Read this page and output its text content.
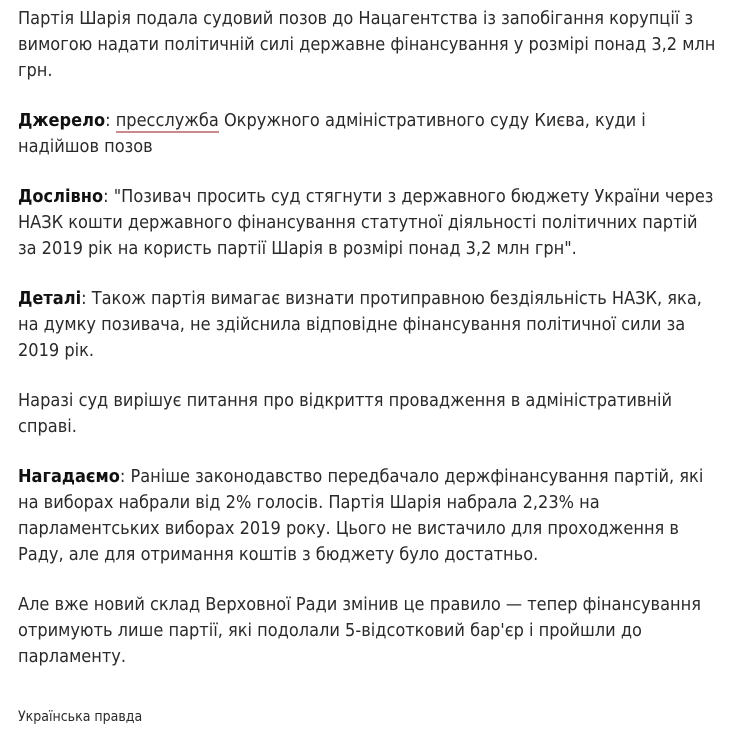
Партія Шарія подала судовий позов до Нацагентства із запобігання корупції з вимогою надати політичній силі державне фінансування у розмірі понад 3,2 млн грн.

Джерело: пресслужба Окружного адміністративного суду Києва, куди і надійшов позов

Дослівно: "Позивач просить суд стягнути з державного бюджету України через НАЗК кошти державного фінансування статутної діяльності політичних партій за 2019 рік на користь партії Шарія в розмірі понад 3,2 млн грн".

Деталі: Також партія вимагає визнати протиправною бездіяльність НАЗК, яка, на думку позивача, не здійснила відповідне фінансування політичної сили за 2019 рік.

Наразі суд вирішує питання про відкриття провадження в адміністративній справі.

Нагадаємо: Раніше законодавство передбачало держфінансування партій, які на виборах набрали від 2% голосів. Партія Шарія набрала 2,23% на парламентських виборах 2019 року. Цього не вистачило для проходження в Раду, але для отримання коштів з бюджету було достатньо.

Але вже новий склад Верховної Ради змінив це правило — тепер фінансування отримують лише партії, які подолали 5-відсотковий бар'єр і пройшли до парламенту.

Українська правда
